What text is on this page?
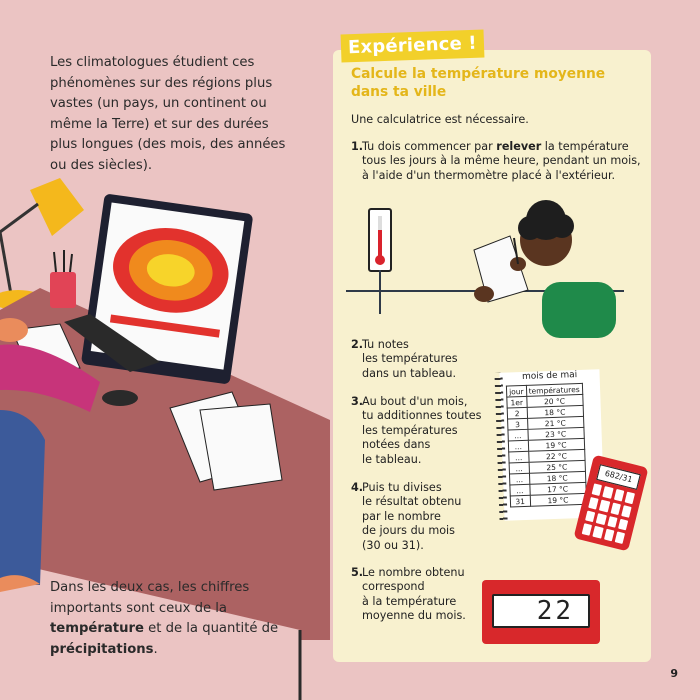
Les climatologues étudient ces phénomènes sur des régions plus vastes (un pays, un continent ou même la Terre) et sur des durées plus longues (des mois, des années ou des siècles).
Dans les deux cas, les chiffres importants sont ceux de la température et de la quantité de précipitations.
Expérience !
Calcule la température moyenne dans ta ville
Une calculatrice est nécessaire.
1.Tu dois commencer par relever la température
tous les jours à la même heure, pendant un mois,
à l'aide d'un thermomètre placé à l'extérieur.
2.Tu notes
les températures
dans un tableau.
3.Au bout d'un mois,
tu additionnes toutes
les températures
notées dans
le tableau.
4.Puis tu divises
le résultat obtenu
par le nombre
de jours du mois
(30 ou 31).
5.Le nombre obtenu
correspond
à la température
moyenne du mois.
mois de mai
jour	températures
1er	20 °C
2	18 °C
3	21 °C
...	23 °C
...	19 °C
...	22 °C
...	25 °C
...	18 °C
...	17 °C
31	19 °C
682/31
22
9
